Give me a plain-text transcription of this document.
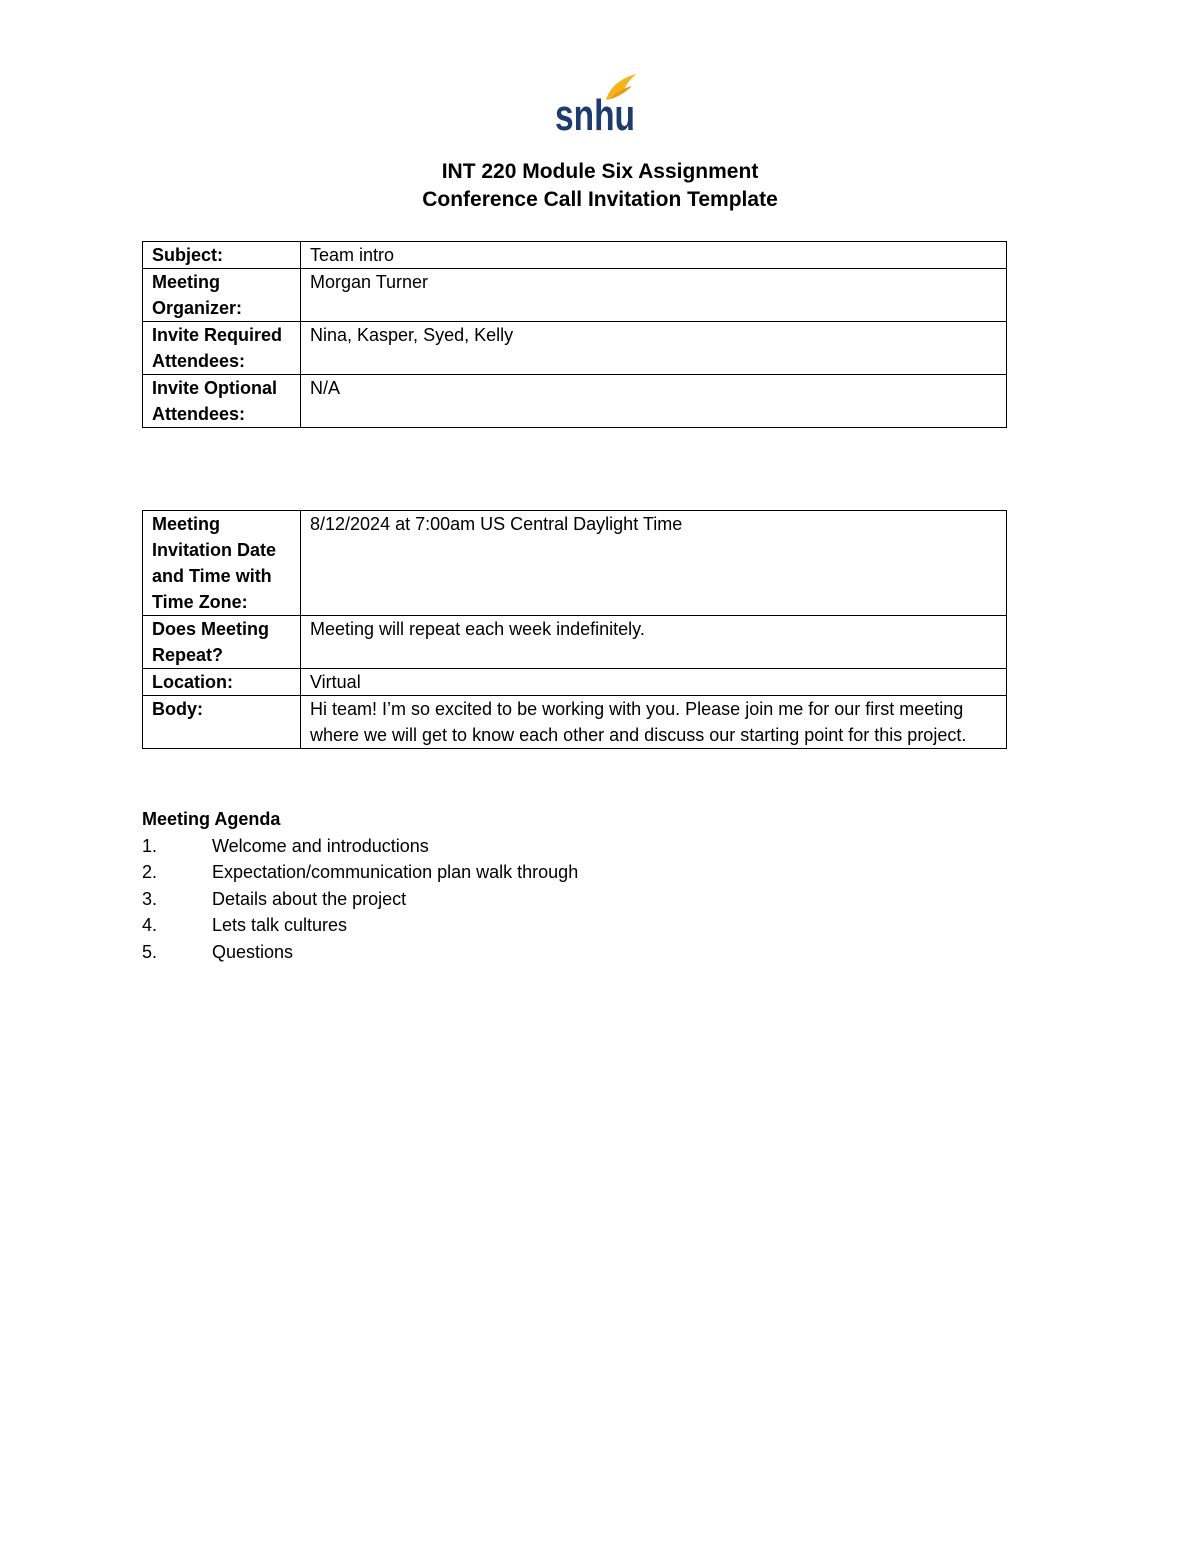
snhu
INT 220 Module Six Assignment
Conference Call Invitation Template
Subject:	Team intro
Meeting Organizer:	Morgan Turner
Invite Required Attendees:	Nina, Kasper, Syed, Kelly
Invite Optional Attendees:	N/A
Meeting Invitation Date and Time with Time Zone:	8/12/2024 at 7:00am US Central Daylight Time
Does Meeting Repeat?	Meeting will repeat each week indefinitely.
Location:	Virtual
Body:	Hi team! I’m so excited to be working with you. Please join me for our first meeting where we will get to know each other and discuss our starting point for this project.
Meeting Agenda
1.	Welcome and introductions
2.	Expectation/communication plan walk through
3.	Details about the project
4.	Lets talk cultures
5.	Questions
